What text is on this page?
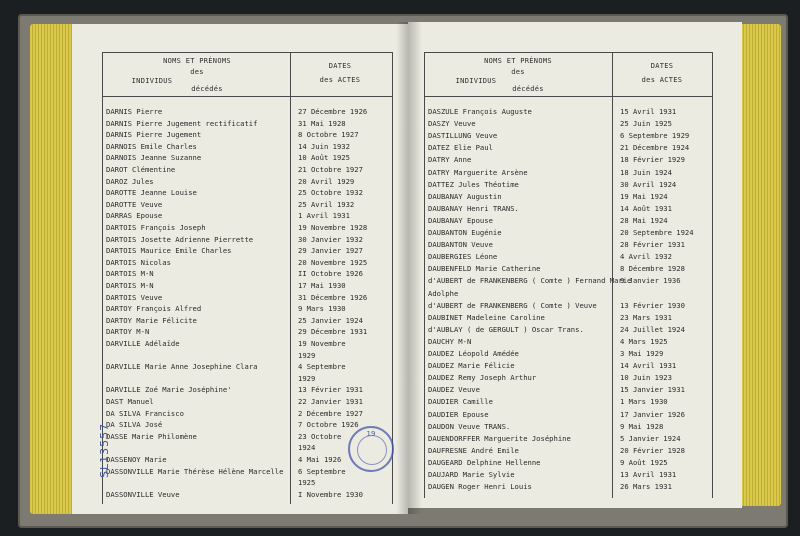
NOMS ET PRÉNOMS
des
INDIVIDUS
décédés
DATES
des ACTES
DARNIS Pierre	27 Décembre 1926
DARNIS Pierre Jugement rectificatif	31 Mai 1928
DARNIS Pierre Jugement	8 Octobre 1927
DARNOIS Emile Charles	14 Juin 1932
DARNOIS Jeanne Suzanne	10 Août 1925
DAROT Clémentine	21 Octobre 1927
DAROZ Jules	20 Avril 1929
DAROTTE Jeanne Louise	25 Octobre 1932
DAROTTE Veuve	25 Avril 1932
DARRAS Epouse	1 Avril 1931
DARTOIS François Joseph	19 Novembre 1928
DARTOIS Josette Adrienne Pierrette	30 Janvier 1932
DARTOIS Maurice Emile Charles	29 Janvier 1927
DARTOIS Nicolas	20 Novembre 1925
DARTOIS M-N	II Octobre 1926
DARTOIS M-N	17 Mai 1930
DARTOIS Veuve	31 Décembre 1926
DARTOY François Alfred	9 Mars 1930
DARTOY Marie Félicite	25 Janvier 1924
DARTOY M-N	29 Décembre 1931
DARVILLE Adélaïde	19 Novembre
1929
DARVILLE Marie Anne Josephine Clara	4 Septembre
1929
DARVILLE Zoé Marie Joséphine'	13 Février 1931
DAST Manuel	22 Janvier 1931
DA SILVA Francisco	2 Décembre 1927
DA SILVA José	7 Octobre 1926
DASSE Marie Philomène	23 Octobre
1924
DASSENOY Marie	4 Mai 1926
DASSONVILLE Marie Thérèse Hélène Marcelle 6 Septembre
1925
DASSONVILLE Veuve	I Novembre 1930
NOMS ET PRÉNOMS
des
INDIVIDUS
décédés
DATES
des ACTES
DASZULE François Auguste	15 Avril 1931
DASZY Veuve	25 Juin 1925
DASTILLUNG Veuve	6 Septembre 1929
DATEZ Elie Paul	21 Décembre 1924
DATRY Anne	18 Février 1929
DATRY Marguerite Arsène	18 Juin 1924
DATTEZ Jules Théotime	30 Avril 1924
DAUBANAY Augustin	19 Mai 1924
DAUBANAY Henri TRANS.	14 Août 1931
DAUBANAY Epouse	28 Mai 1924
DAUBANTON Eugénie	20 Septembre 1924
DAUBANTON Veuve	28 Février 1931
DAUBERGIES Léone	4 Avril 1932
DAUBENFELD Marie Catherine	8 Décembre 1928
d'AUBERT de FRANKENBERG ( Comte ) Fernand Marie
9 Janvier 1936
Adolphe
d'AUBERT de FRANKENBERG ( Comte ) Veuve	13 Février 1930
DAUBINET Madeleine Caroline	23 Mars 1931
d'AUBLAY ( de GERGULT ) Oscar Trans.	24 Juillet 1924
DAUCHY M-N	4 Mars 1925
DAUDEZ Léopold Amédée	3 Mai 1929
DAUDEZ Marie Félicie	14 Avril 1931
DAUDEZ Remy Joseph Arthur	10 Juin 1923
DAUDEZ Veuve	15 Janvier 1931
DAUDIER Camille	1 Mars 1930
DAUDIER Epouse	17 Janvier 1926
DAUDON Veuve TRANS.	9 Mai 1928
DAUENDORFFER Marguerite Joséphine	5 Janvier 1924
DAUFRESNE André Emile	20 Février 1928
DAUGEARD Delphine Hellenne	9 Août 1925
DAUJARD Marie Sylvie	13 Avril 1931
DAUGEN Roger Henri Louis	26 Mars 1931
19
SL13557
